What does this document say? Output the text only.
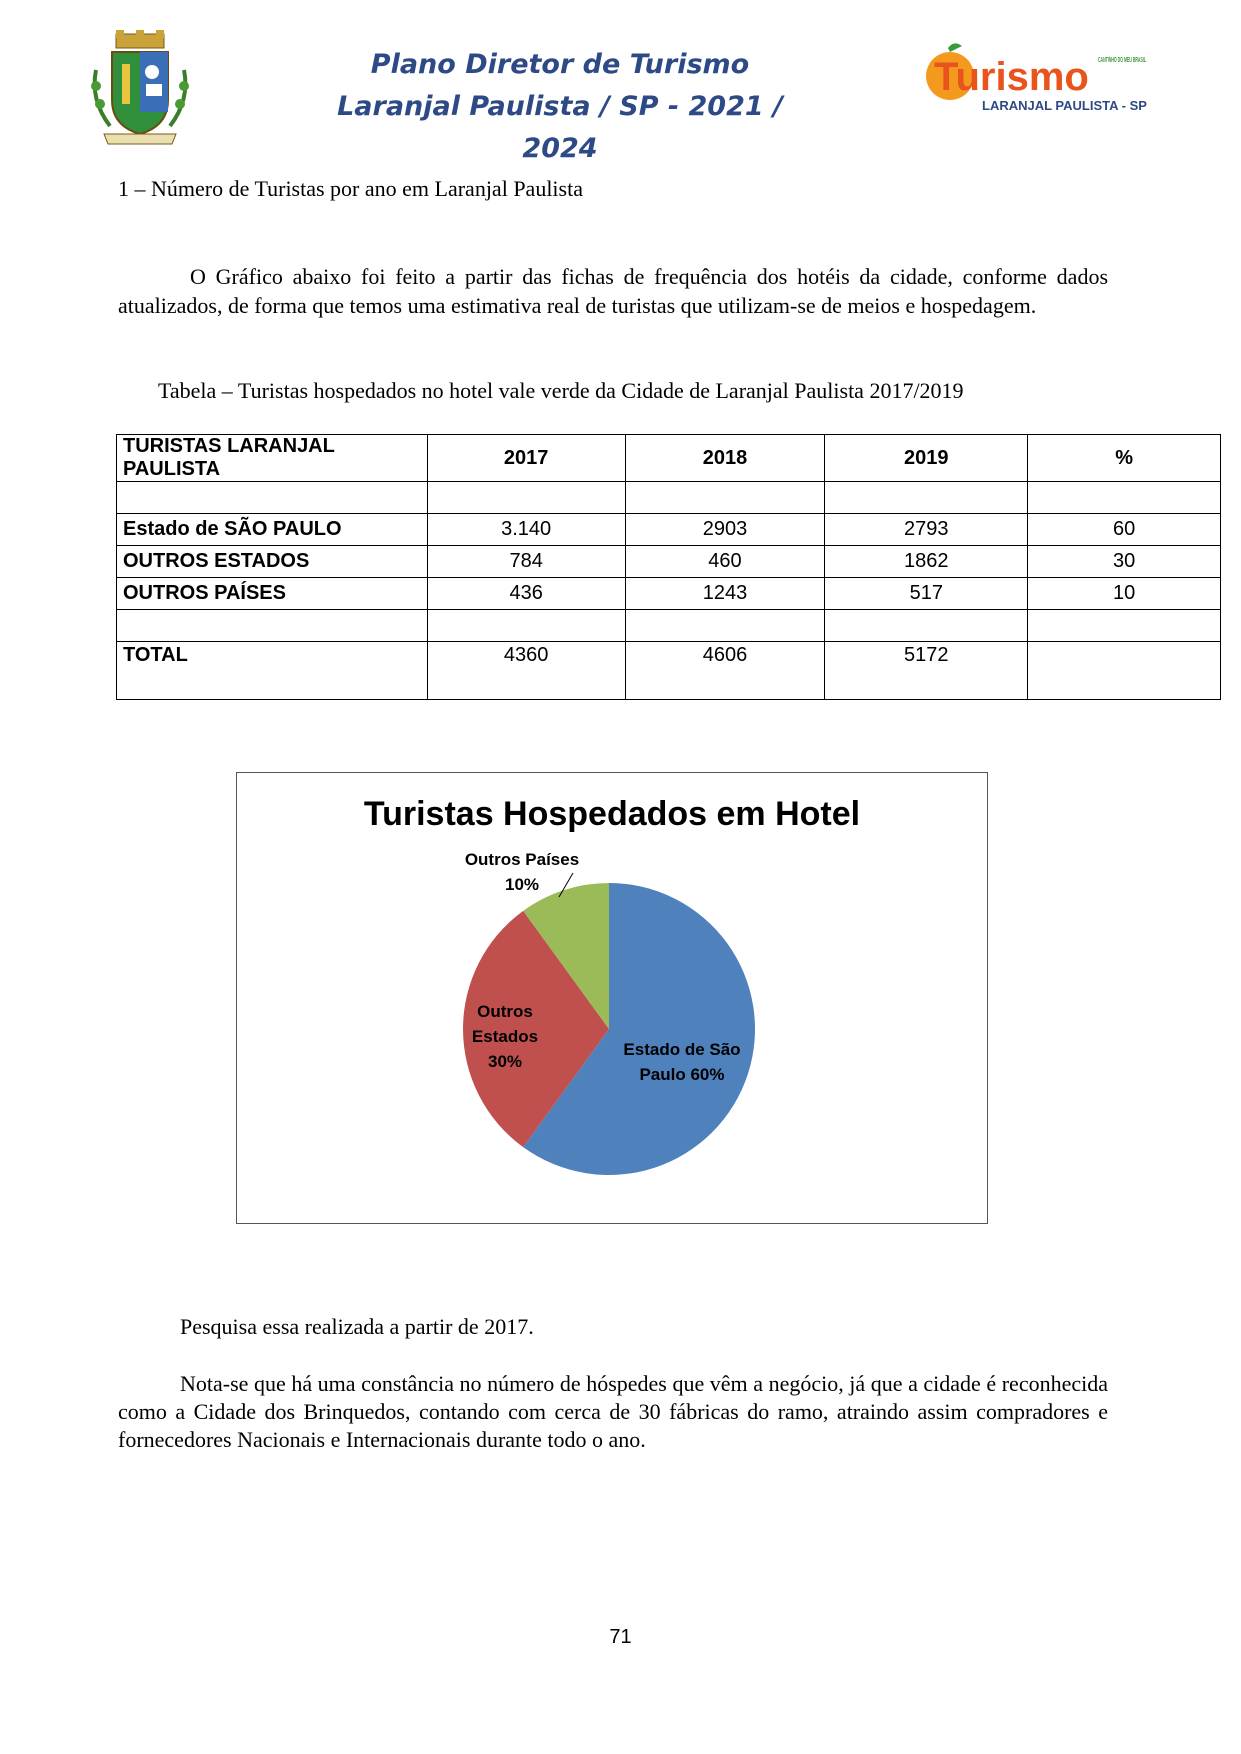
Plano Diretor de Turismo
Laranjal Paulista / SP - 2021 / 2024
Turismo CANTINHO DO MEU BRASIL
LARANJAL PAULISTA - SP
1 – Número de Turistas por ano em Laranjal Paulista
O Gráfico abaixo foi feito a partir das fichas de frequência dos hotéis da cidade, conforme dados atualizados, de forma que temos uma estimativa real de turistas que utilizam-se de meios e hospedagem.
Tabela – Turistas hospedados no hotel vale verde da Cidade de Laranjal Paulista 2017/2019
TURISTAS LARANJAL PAULISTA	2017	2018	2019	%

Estado de SÃO PAULO	3.140	2903	2793	60
OUTROS ESTADOS	784	460	1862	30
OUTROS PAÍSES	436	1243	517	10

TOTAL	4360	4606	5172	
Turistas Hospedados em Hotel
Estado de São Paulo 60%
Outros Estados 30%
Outros Países 10%
Pesquisa essa realizada a partir de 2017.
Nota-se que há uma constância no número de hóspedes que vêm a negócio, já que a cidade é reconhecida como a Cidade dos Brinquedos, contando com cerca de 30 fábricas do ramo, atraindo assim compradores e fornecedores Nacionais e Internacionais durante todo o ano.
71
